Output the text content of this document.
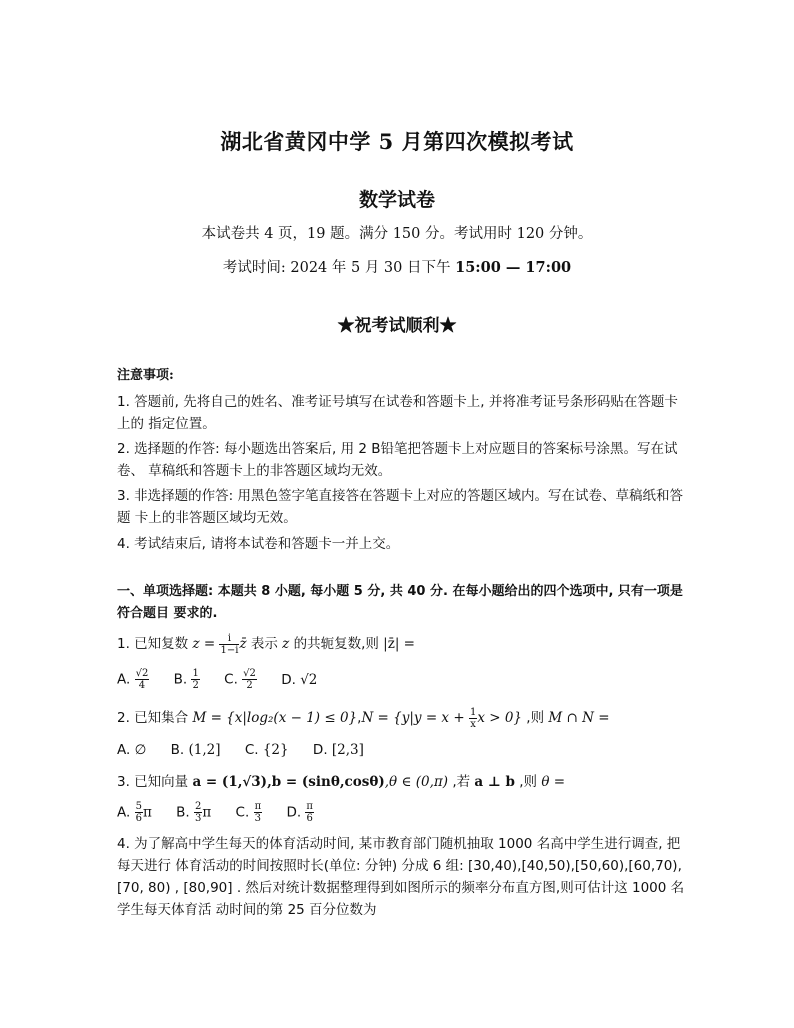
湖北省黄冈中学 5 月第四次模拟考试
数学试卷
本试卷共 4 页，19 题。满分 150 分。考试用时 120 分钟。
考试时间: 2024 年 5 月 30 日下午 15:00 — 17:00
★祝考试顺利★
注意事项:
1. 答题前, 先将自己的姓名、准考证号填写在试卷和答题卡上, 并将准考证号条形码贴在答题卡上的 指定位置。
2. 选择题的作答: 每小题选出答案后, 用 2 B铅笔把答题卡上对应题目的答案标号涂黑。写在试卷、 草稿纸和答题卡上的非答题区域均无效。
3. 非选择题的作答: 用黑色签字笔直接答在答题卡上对应的答题区域内。写在试卷、草稿纸和答题 卡上的非答题区域均无效。
4. 考试结束后, 请将本试卷和答题卡一并上交。
一、单项选择题: 本题共 8 小题, 每小题 5 分, 共 40 分. 在每小题给出的四个选项中, 只有一项是符合题目 要求的.
1. 已知复数 $z = \frac{i}{1-i}$ z̄ 表示 z 的共轭复数,则 |z̄| =
A. $\frac{√2}{4} B$. $\frac{1}{2} C$. $\frac{√2}{2} D$. √2
2. 已知集合 $M = \{x|\log_2(x - 1) \le 0\},N = \{y|y = x + \frac{1}{x}$ x > 0} ,则 M ∩ N =
A. ∅ B. (1,2] C. {2} D. [2,3]
3. 已知向量 a = (1,√3),b = (sinθ,cosθ),θ ∈ (0,π) ,若 a ⊥ b ,则 θ =
A. $\frac{5}{6}$ π B. $\frac{2}{3}$ π C. $\frac{\pi}{3} D$. $\frac{\pi}{6}$
4. 为了解高中学生每天的体育活动时间, 某市教育部门随机抽取 1000 名高中学生进行调查, 把每天进行 体育活动的时间按照时长(单位: 分钟) 分成 6 组: [30,40),[40,50),[50,60),[60,70),[70, 80) , [80,90] . 然后对统计数据整理得到如图所示的频率分布直方图,则可估计这 1000 名学生每天体育活 动时间的第 25 百分位数为
